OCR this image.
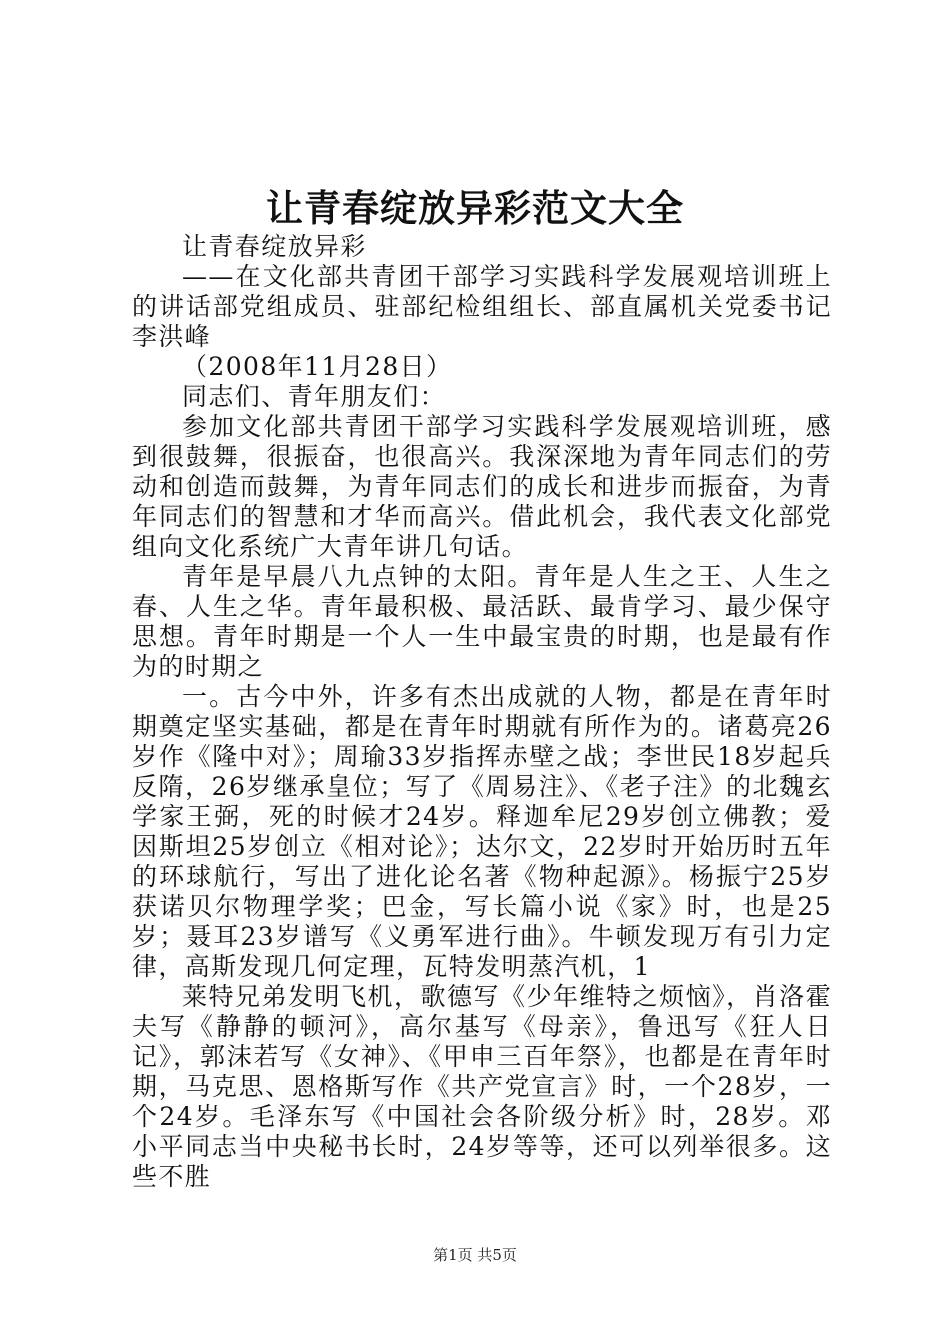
让青春绽放异彩范文大全

让青春绽放异彩

——在文化部共青团干部学习实践科学发展观培训班上的讲话部党组成员、驻部纪检组组长、部直属机关党委书记李洪峰

（2008年11月28日）

同志们、青年朋友们：

参加文化部共青团干部学习实践科学发展观培训班，感到很鼓舞，很振奋，也很高兴。我深深地为青年同志们的劳动和创造而鼓舞，为青年同志们的成长和进步而振奋，为青年同志们的智慧和才华而高兴。借此机会，我代表文化部党组向文化系统广大青年讲几句话。

青年是早晨八九点钟的太阳。青年是人生之王、人生之春、人生之华。青年最积极、最活跃、最肯学习、最少保守思想。青年时期是一个人一生中最宝贵的时期，也是最有作为的时期之

一。古今中外，许多有杰出成就的人物，都是在青年时期奠定坚实基础，都是在青年时期就有所作为的。诸葛亮26岁作《隆中对》；周瑜33岁指挥赤壁之战；李世民18岁起兵反隋，26岁继承皇位；写了《周易注》、《老子注》的北魏玄学家王弼，死的时候才24岁。释迦牟尼29岁创立佛教；爱因斯坦25岁创立《相对论》；达尔文，22岁时开始历时五年的环球航行，写出了进化论名著《物种起源》。杨振宁25岁获诺贝尔物理学奖；巴金，写长篇小说《家》时，也是25岁；聂耳23岁谱写《义勇军进行曲》。牛顿发现万有引力定律，高斯发现几何定理，瓦特发明蒸汽机，1

莱特兄弟发明飞机，歌德写《少年维特之烦恼》，肖洛霍夫写《静静的顿河》，高尔基写《母亲》，鲁迅写《狂人日记》，郭沫若写《女神》、《甲申三百年祭》，也都是在青年时期，马克思、恩格斯写作《共产党宣言》时，一个28岁，一个24岁。毛泽东写《中国社会各阶级分析》时，28岁。邓小平同志当中央秘书长时，24岁等等，还可以列举很多。这些不胜

第1页 共5页
